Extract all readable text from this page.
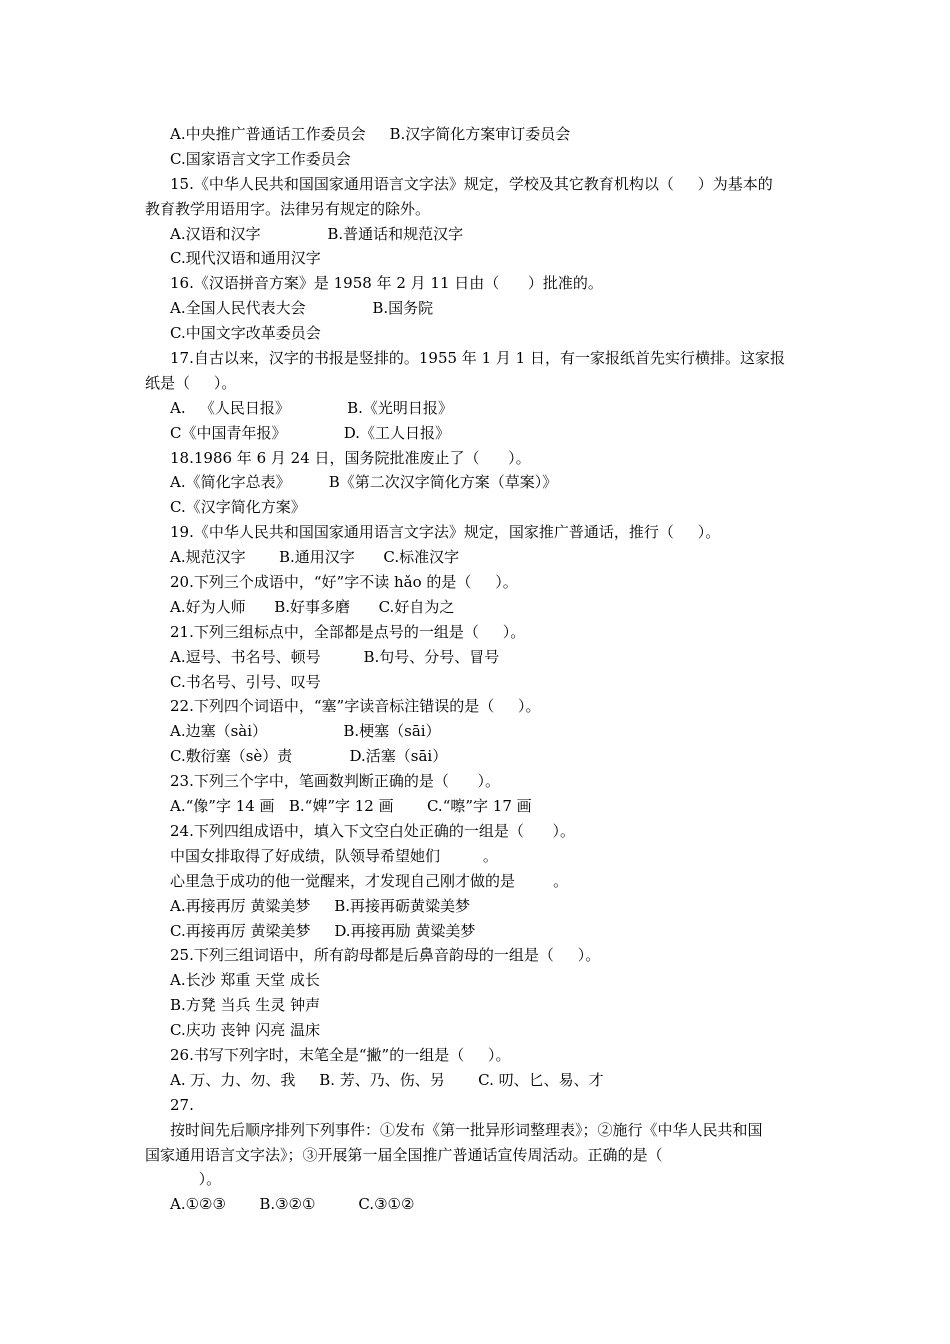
A.中央推广普通话工作委员会     B.汉字简化方案审订委员会
C.国家语言文字工作委员会
15.《中华人民共和国国家通用语言文字法》规定，学校及其它教育机构以（     ）为基本的
教育教学用语用字。法律另有规定的除外。
A.汉语和汉字              B.普通话和规范汉字
C.现代汉语和通用汉字
16.《汉语拼音方案》是 1958 年 2 月 11 日由（      ）批准的。
A.全国人民代表大会              B.国务院
C.中国文字改革委员会
17.自古以来，汉字的书报是竖排的。1955 年 1 月 1 日，有一家报纸首先实行横排。这家报
纸是（     ）。
A.   《人民日报》            B.《光明日报》
C《中国青年报》            D.《工人日报》
18.1986 年 6 月 24 日，国务院批准废止了（      ）。
A.《简化字总表》        B《第二次汉字简化方案（草案）》
C.《汉字简化方案》
19.《中华人民共和国国家通用语言文字法》规定，国家推广普通话，推行（     ）。
A.规范汉字       B.通用汉字      C.标准汉字
20.下列三个成语中，“好”字不读 hǎo 的是（     ）。
A.好为人师      B.好事多磨      C.好自为之
21.下列三组标点中，全部都是点号的一组是（     ）。
A.逗号、书名号、顿号         B.句号、分号、冒号
C.书名号、引号、叹号
22.下列四个词语中，“塞”字读音标注错误的是（     ）。
A.边塞（sài）                B.梗塞（sāi）
C.敷衍塞（sè）责            D.活塞（sāi）
23.下列三个字中，笔画数判断正确的是（      ）。
A.“像”字 14 画   B.“婢”字 12 画       C.“嚓”字 17 画
24.下列四组成语中，填入下文空白处正确的一组是（      ）。
中国女排取得了好成绩，队领导希望她们         。
心里急于成功的他一觉醒来，才发现自己刚才做的是        。
A.再接再厉 黄粱美梦     B.再接再砺黄粱美梦
C.再接再厉 黄梁美梦     D.再接再励 黄粱美梦
25.下列三组词语中，所有韵母都是后鼻音韵母的一组是（     ）。
A.长沙 郑重 天堂 成长
B.方凳 当兵 生灵 钟声
C.庆功 丧钟 闪亮 温床
26.书写下列字时，末笔全是“撇”的一组是（     ）。
A. 万、力、勿、我     B. 芳、乃、伤、另       C. 叨、匕、易、才
27.
按时间先后顺序排列下列事件：①发布《第一批异形词整理表》；②施行《中华人民共和国
国家通用语言文字法》；③开展第一届全国推广普通话宣传周活动。正确的是（
）。
A.①②③       B.③②①         C.③①②
